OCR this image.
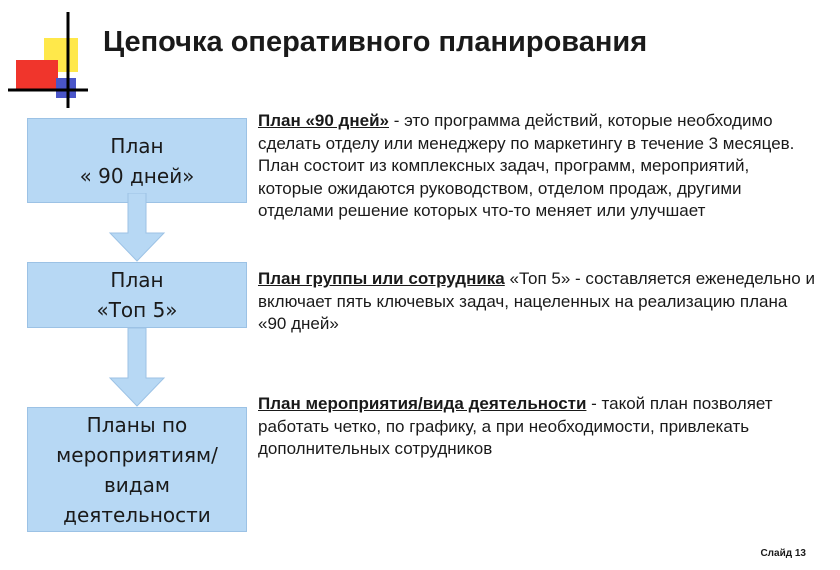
Цепочка оперативного планирования
План
« 90 дней»
План
«Топ 5»
Планы по
мероприятиям/
видам
деятельности
План «90 дней» - это программа действий, которые необходимо сделать отделу или менеджеру по маркетингу в течение 3 месяцев. План состоит из комплексных задач, программ, мероприятий, которые ожидаются руководством, отделом продаж, другими отделами решение которых что-то меняет или улучшает
План группы или сотрудника «Топ 5» - составляется еженедельно и включает пять ключевых задач, нацеленных на реализацию плана «90 дней»
План мероприятия/вида деятельности - такой план позволяет работать четко, по графику, а при необходимости, привлекать дополнительных сотрудников
Слайд 13
